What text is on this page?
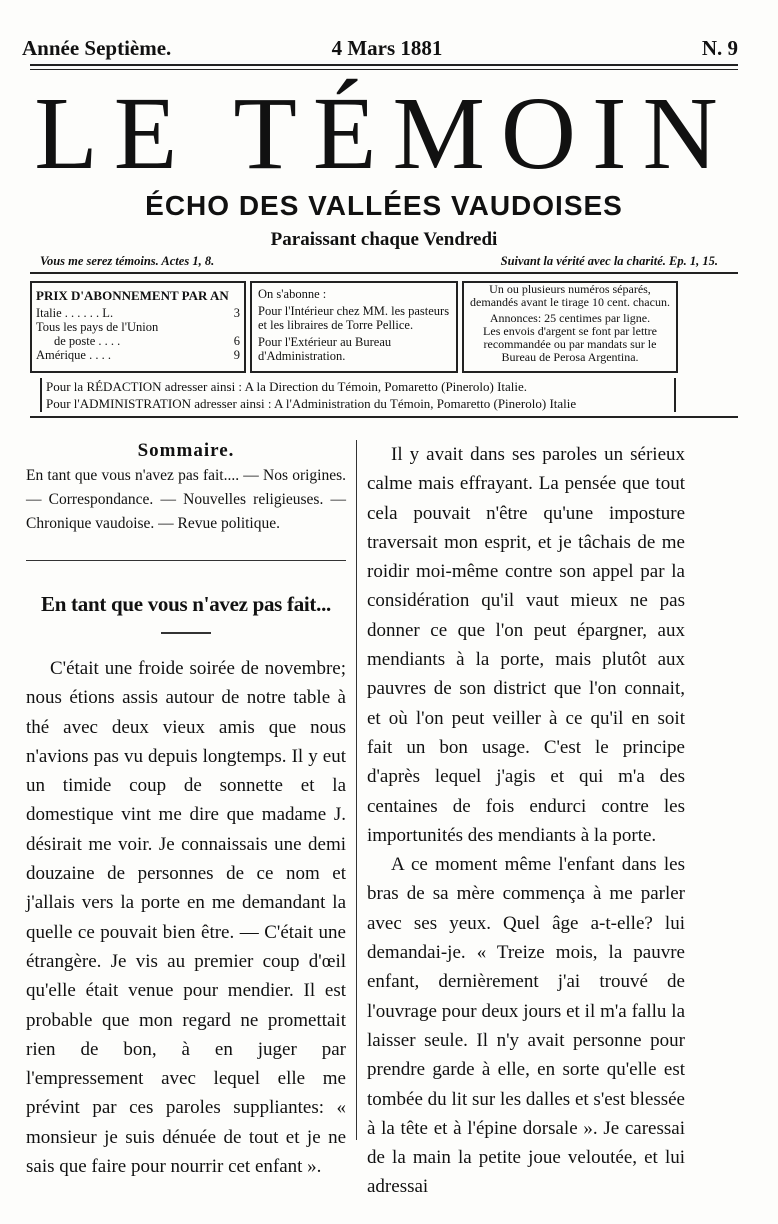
Année Septième.	4 Mars 1881	N. 9
LE TÉMOIN
ÉCHO DES VALLÉES VAUDOISES
Paraissant chaque Vendredi
Vous me serez témoins. Actes 1, 8.	Suivant la vérité avec la charité. Ep. 1, 15.
PRIX D'ABONNEMENT PAR AN
Italie . . . . . . L.	3
Tous les pays de l'Union
de poste . . . .	6
Amérique . . . .	9

On s'abonne :

Pour l'Intérieur chez MM. les pasteurs et les libraires de Torre Pellice.

Pour l'Extérieur au Bureau d'Administration.

Un ou plusieurs numéros séparés, demandés avant le tirage 10 cent. chacun.

Annonces: 25 centimes par ligne.

Les envois d'argent se font par lettre recommandée ou par mandats sur le Bureau de Perosa Argentina.

Pour la RÉDACTION adresser ainsi : A la Direction du Témoin, Pomaretto (Pinerolo) Italie.
Pour l'ADMINISTRATION adresser ainsi : A l'Administration du Témoin, Pomaretto (Pinerolo) Italie
Sommaire.

En tant que vous n'avez pas fait.... — Nos origines. — Correspondance. — Nouvelles religieuses. — Chronique vaudoise. — Revue politique.

En tant que vous n'avez pas fait...

C'était une froide soirée de novembre; nous étions assis autour de notre table à thé avec deux vieux amis que nous n'avions pas vu depuis longtemps. Il y eut un timide coup de sonnette et la domestique vint me dire que madame J. désirait me voir. Je connaissais une demi douzaine de personnes de ce nom et j'allais vers la porte en me demandant la quelle ce pouvait bien être. — C'était une étrangère. Je vis au premier coup d'œil qu'elle était venue pour mendier. Il est probable que mon regard ne promettait rien de bon, à en juger par l'empressement avec lequel elle me prévint par ces paroles suppliantes: « monsieur je suis dénuée de tout et je ne sais que faire pour nourrir cet enfant ».

Il y avait dans ses paroles un sérieux calme mais effrayant. La pensée que tout cela pouvait n'être qu'une imposture traversait mon esprit, et je tâchais de me roidir moi-même contre son appel par la considération qu'il vaut mieux ne pas donner ce que l'on peut épargner, aux mendiants à la porte, mais plutôt aux pauvres de son district que l'on connait, et où l'on peut veiller à ce qu'il en soit fait un bon usage. C'est le principe d'après lequel j'agis et qui m'a des centaines de fois endurci contre les importunités des mendiants à la porte.

A ce moment même l'enfant dans les bras de sa mère commença à me parler avec ses yeux. Quel âge a-t-elle? lui demandai-je. « Treize mois, la pauvre enfant, dernièrement j'ai trouvé de l'ouvrage pour deux jours et il m'a fallu la laisser seule. Il n'y avait personne pour prendre garde à elle, en sorte qu'elle est tombée du lit sur les dalles et s'est blessée à la tête et à l'épine dorsale ». Je caressai de la main la petite joue veloutée, et lui adressai
